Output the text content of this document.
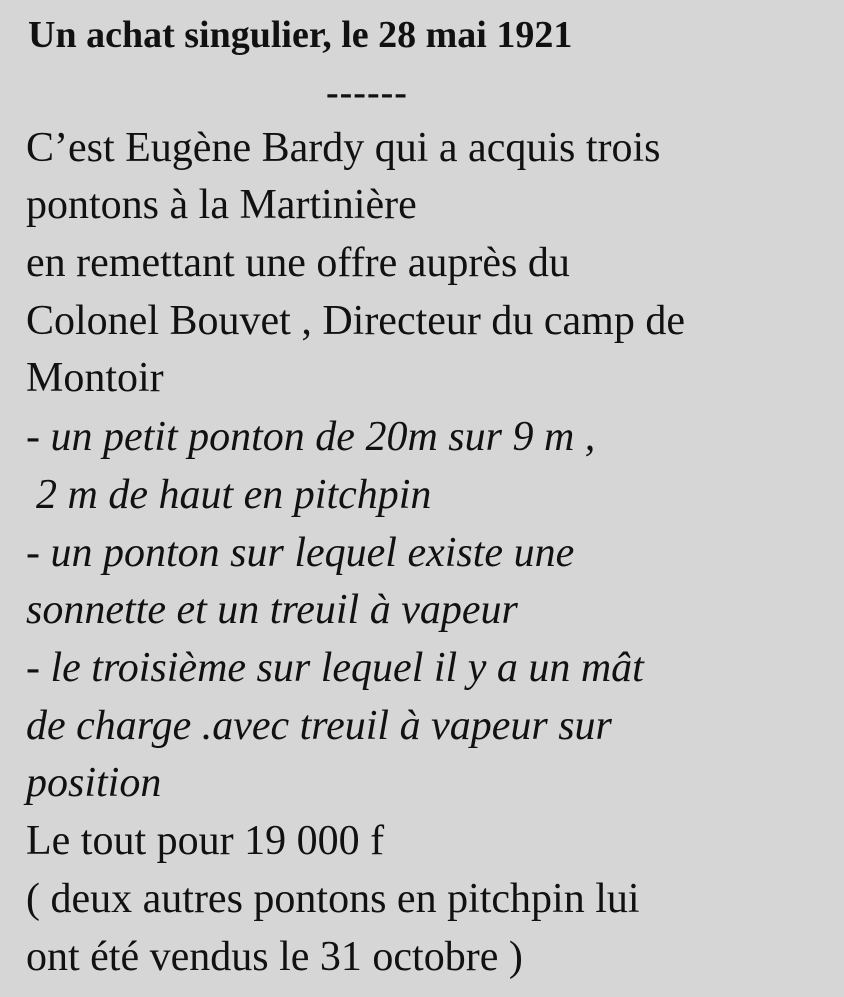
Un achat singulier, le 28 mai 1921
------
C’est Eugène Bardy qui a acquis trois
pontons à la Martinière
en remettant une offre auprès du
Colonel Bouvet , Directeur du camp de
Montoir
- un petit ponton de 20m sur 9 m ,
2 m de haut en pitchpin
- un ponton sur lequel existe une
sonnette et un treuil à vapeur
- le troisième sur lequel il y a un mât
de charge .avec treuil à vapeur sur
position
Le tout pour 19 000 f
( deux autres pontons en pitchpin lui
ont été vendus le 31 octobre )
